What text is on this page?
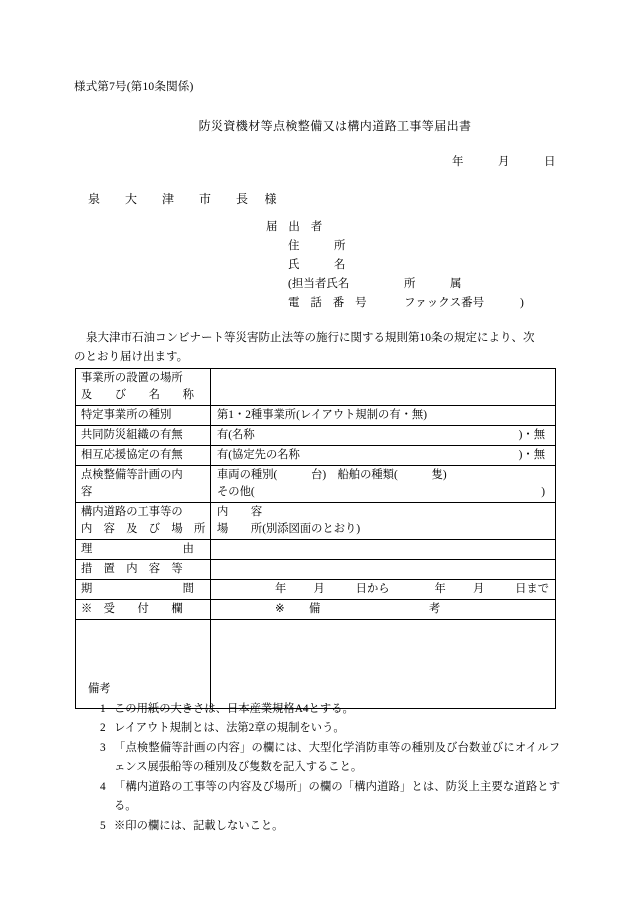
様式第7号(第10条関係)
防災資機材等点検整備又は構内道路工事等届出書
年	月	日
泉　大　津　市　長 様
届 出 者
住　　　所
氏　　　名
(担当者氏名	所　　　属
電 話 番 号	ファックス番号	)
泉大津市石油コンビナート等災害防止法等の施行に関する規則第10条の規定により、次
のとおり届け出ます。
事業所の設置の場所
及　　び　　名　　称	

特定事業所の種別	第1・2種事業所(レイアウト規制の有・無)
共同防災組織の有無	有(名称 )・無

相互応援協定の有無	有(協定先の名称 )・無

点検整備等計画の内
容	車両の種別(　　　台)　船舶の種類(　　　隻)
その他( )

構内道路の工事等の
内　容　及　び　場　所	内　　容
場　　所(別添図面のとおり)

理　　　　　　　　由	
措　置　内　容　等	
期　　　　　　　　間	年	月	日から	年	月	日まで

※　受　　付　　欄	※ 備 考

備考
1 この用紙の大きさは、日本産業規格A4とする。
2 レイアウト規制とは、法第2章の規制をいう。
3 「点検整備等計画の内容」の欄には、大型化学消防車等の種別及び台数並びにオイルフェンス展張船等の種別及び隻数を記入すること。
4 「構内道路の工事等の内容及び場所」の欄の「構内道路」とは、防災上主要な道路とする。
5 ※印の欄には、記載しないこと。
